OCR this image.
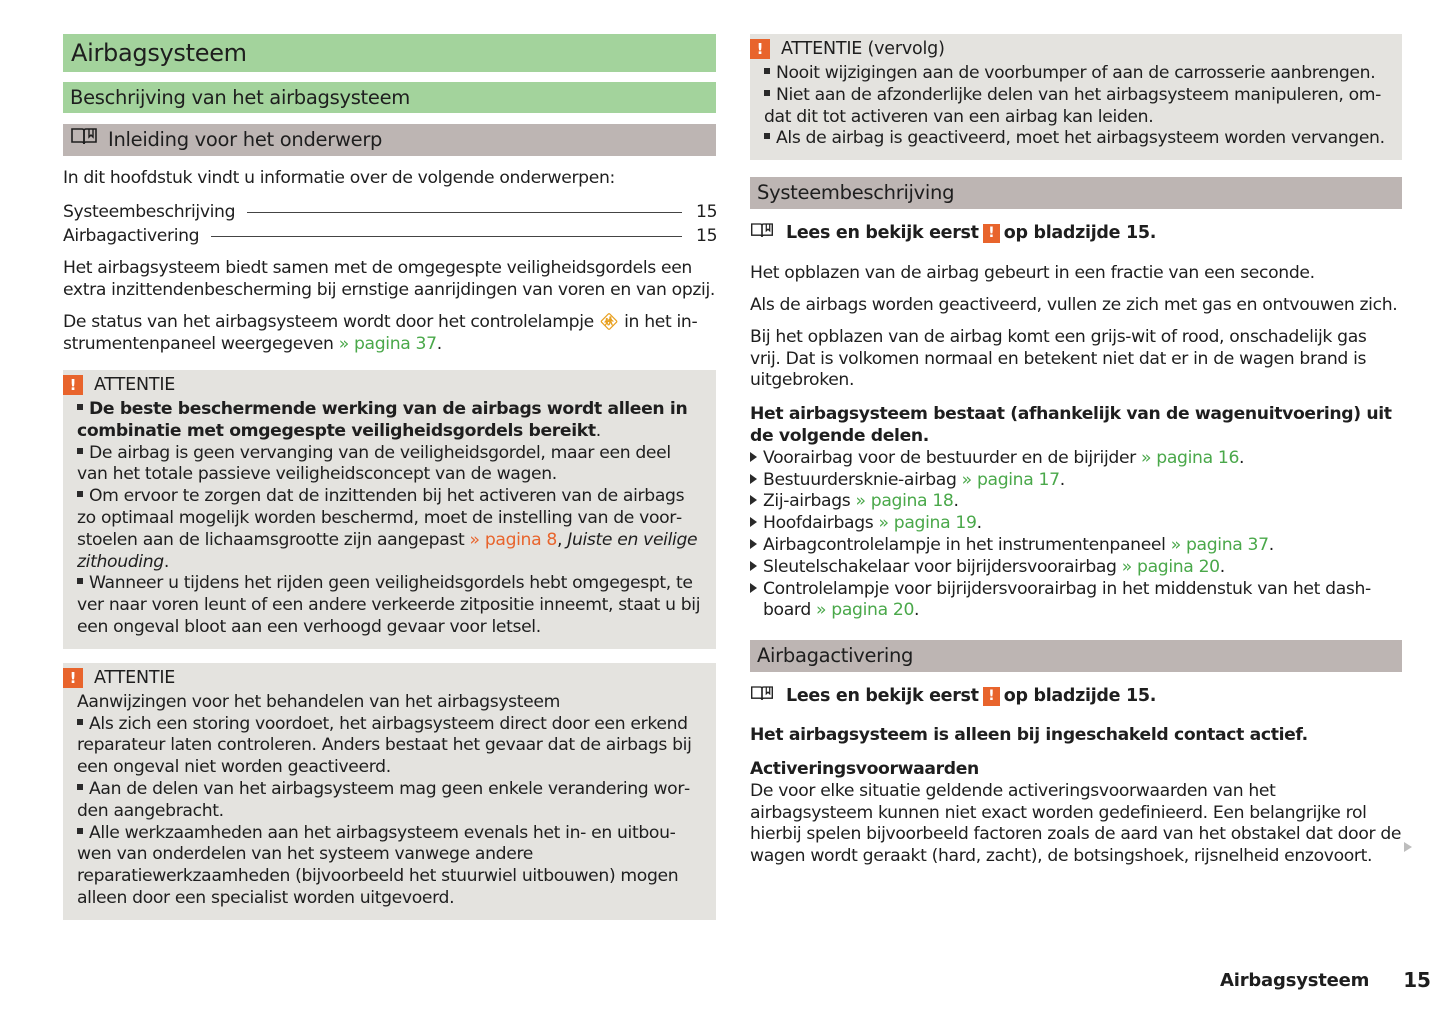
Airbagsysteem
Beschrijving van het airbagsysteem
Inleiding voor het onderwerp

In dit hoofdstuk vindt u informatie over de volgende onderwerpen:

Systeembeschrijving	15
Airbagactivering	15

Het airbagsysteem biedt samen met de omgegespte veiligheidsgordels een extra inzittendenbescherming bij ernstige aanrijdingen van voren en van opzij.

De status van het airbagsysteem wordt door het controlelampje 🚸︎ in het instrumentenpaneel weergegeven » pagina 37.

!	ATTENTIE

De beste beschermende werking van de airbags wordt alleen in combinatie met omgegespte veiligheidsgordels bereikt.

De airbag is geen vervanging van de veiligheidsgordel, maar een deel van het totale passieve veiligheidsconcept van de wagen.

Om ervoor te zorgen dat de inzittenden bij het activeren van de airbags zo optimaal mogelijk worden beschermd, moet de instelling van de voorstoelen aan de lichaamsgrootte zijn aangepast » pagina 8, Juiste en veilige zithouding.

Wanneer u tijdens het rijden geen veiligheidsgordels hebt omgegespt, te ver naar voren leunt of een andere verkeerde zitpositie inneemt, staat u bij een ongeval bloot aan een verhoogd gevaar voor letsel.

!	ATTENTIE

Aanwijzingen voor het behandelen van het airbagsysteem

Als zich een storing voordoet, het airbagsysteem direct door een erkend reparateur laten controleren. Anders bestaat het gevaar dat de airbags bij een ongeval niet worden geactiveerd.

Aan de delen van het airbagsysteem mag geen enkele verandering worden aangebracht.

Alle werkzaamheden aan het airbagsysteem evenals het in- en uitbouwen van onderdelen van het systeem vanwege andere reparatiewerkzaamheden (bijvoorbeeld het stuurwiel uitbouwen) mogen alleen door een specialist worden uitgevoerd.

!	ATTENTIE (vervolg)

Nooit wijzigingen aan de voorbumper of aan de carrosserie aanbrengen.

Niet aan de afzonderlijke delen van het airbagsysteem manipuleren, omdat dit tot activeren van een airbag kan leiden.

Als de airbag is geactiveerd, moet het airbagsysteem worden vervangen.

Systeembeschrijving
Lees en bekijk eerst ! op bladzijde 15.

Het opblazen van de airbag gebeurt in een fractie van een seconde.

Als de airbags worden geactiveerd, vullen ze zich met gas en ontvouwen zich.

Bij het opblazen van de airbag komt een grijs-wit of rood, onschadelijk gas vrij. Dat is volkomen normaal en betekent niet dat er in de wagen brand is uitgebroken.

Het airbagsysteem bestaat (afhankelijk van de wagenuitvoering) uit de volgende delen.

Voorairbag voor de bestuurder en de bijrijder » pagina 16.
Bestuurdersknie-airbag » pagina 17.
Zij-airbags » pagina 18.
Hoofdairbags » pagina 19.
Airbagcontrolelampje in het instrumentenpaneel » pagina 37.
Sleutelschakelaar voor bijrijdersvoorairbag » pagina 20.
Controlelampje voor bijrijdersvoorairbag in het middenstuk van het dashboard » pagina 20.
Airbagactivering
Lees en bekijk eerst ! op bladzijde 15.

Het airbagsysteem is alleen bij ingeschakeld contact actief.

Activeringsvoorwaarden

De voor elke situatie geldende activeringsvoorwaarden van het airbagsysteem kunnen niet exact worden gedefinieerd. Een belangrijke rol hierbij spelen bijvoorbeeld factoren zoals de aard van het obstakel dat door de wagen wordt geraakt (hard, zacht), de botsingshoek, rijsnelheid enzovoort.

Airbagsysteem 15
